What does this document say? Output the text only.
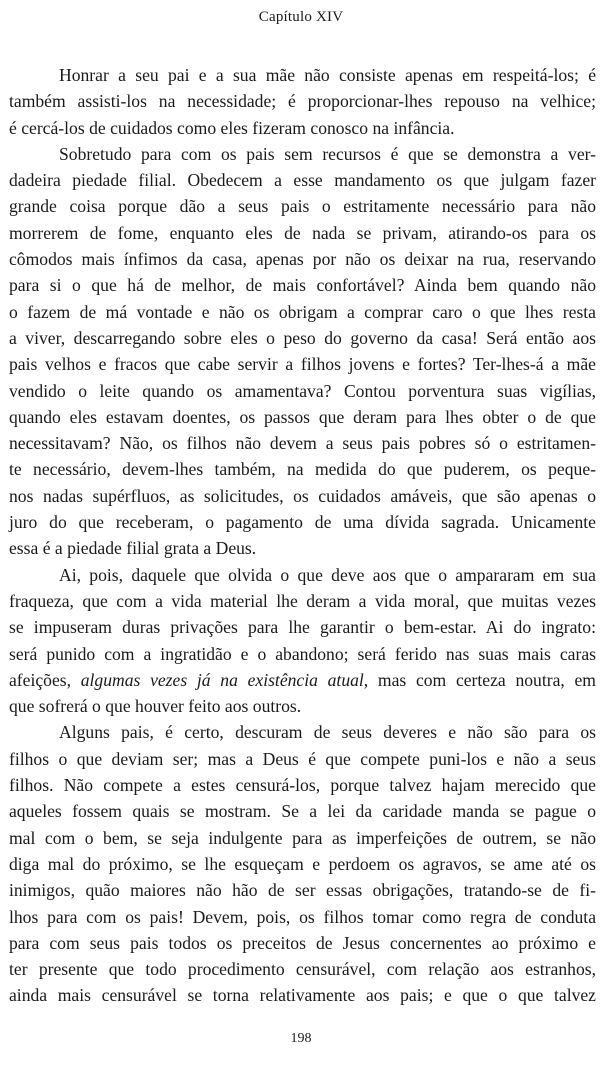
Capítulo XIV
Honrar a seu pai e a sua mãe não consiste apenas em respeitá-los; é
também assisti-los na necessidade; é proporcionar-lhes repouso na velhice;
é cercá-los de cuidados como eles fizeram conosco na infância.
Sobretudo para com os pais sem recursos é que se demonstra a ver-
dadeira piedade filial. Obedecem a esse mandamento os que julgam fazer
grande coisa porque dão a seus pais o estritamente necessário para não
morrerem de fome, enquanto eles de nada se privam, atirando-os para os
cômodos mais ínfimos da casa, apenas por não os deixar na rua, reservando
para si o que há de melhor, de mais confortável? Ainda bem quando não
o fazem de má vontade e não os obrigam a comprar caro o que lhes resta
a viver, descarregando sobre eles o peso do governo da casa! Será então aos
pais velhos e fracos que cabe servir a filhos jovens e fortes? Ter-lhes-á a mãe
vendido o leite quando os amamentava? Contou porventura suas vigílias,
quando eles estavam doentes, os passos que deram para lhes obter o de que
necessitavam? Não, os filhos não devem a seus pais pobres só o estritamen-
te necessário, devem-lhes também, na medida do que puderem, os peque-
nos nadas supérfluos, as solicitudes, os cuidados amáveis, que são apenas o
juro do que receberam, o pagamento de uma dívida sagrada. Unicamente
essa é a piedade filial grata a Deus.
Ai, pois, daquele que olvida o que deve aos que o ampararam em sua
fraqueza, que com a vida material lhe deram a vida moral, que muitas vezes
se impuseram duras privações para lhe garantir o bem-estar. Ai do ingrato:
será punido com a ingratidão e o abandono; será ferido nas suas mais caras
afeições, algumas vezes já na existência atual, mas com certeza noutra, em
que sofrerá o que houver feito aos outros.
Alguns pais, é certo, descuram de seus deveres e não são para os
filhos o que deviam ser; mas a Deus é que compete puni-los e não a seus
filhos. Não compete a estes censurá-los, porque talvez hajam merecido que
aqueles fossem quais se mostram. Se a lei da caridade manda se pague o
mal com o bem, se seja indulgente para as imperfeições de outrem, se não
diga mal do próximo, se lhe esqueçam e perdoem os agravos, se ame até os
inimigos, quão maiores não hão de ser essas obrigações, tratando-se de fi-
lhos para com os pais! Devem, pois, os filhos tomar como regra de conduta
para com seus pais todos os preceitos de Jesus concernentes ao próximo e
ter presente que todo procedimento censurável, com relação aos estranhos,
ainda mais censurável se torna relativamente aos pais; e que o que talvez
198
